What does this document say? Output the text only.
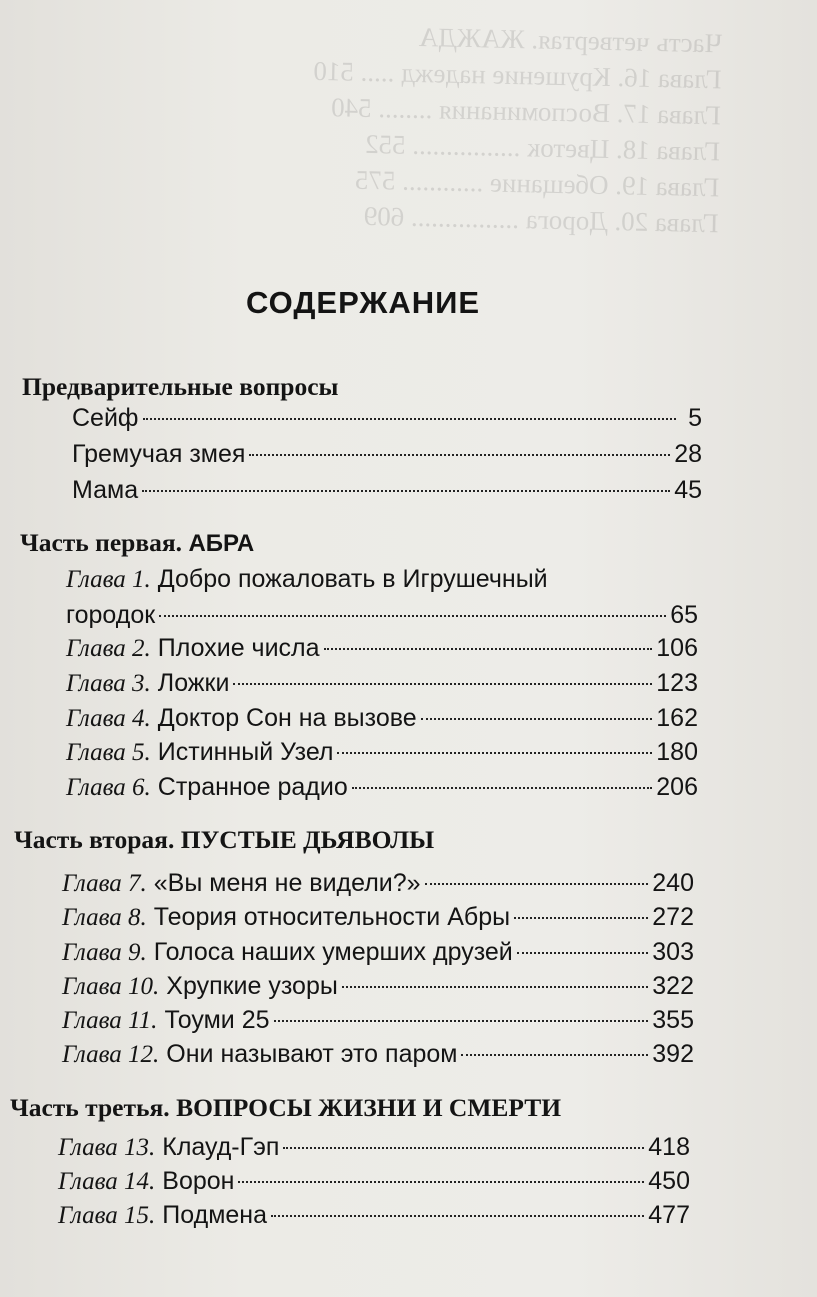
Часть четвертая. ЖАЖДА
Глава 16. Крушение надежд ..... 510
Глава 17. Воспоминания ........ 540
Глава 18. Цветок ................ 552
Глава 19. Обещание ............ 575
Глава 20. Дорога ................ 609
СОДЕРЖАНИЕ
Предварительные вопросы
Сейф	5
Гремучая змея	28
Мама	45
Часть первая. АБРА
Глава 1. Добро пожаловать в Игрушечный
городок	65
Глава 2. Плохие числа	106
Глава 3. Ложки	123
Глава 4. Доктор Сон на вызове	162
Глава 5. Истинный Узел	180
Глава 6. Странное радио	206
Часть вторая. ПУСТЫЕ ДЬЯВОЛЫ
Глава 7. «Вы меня не видели?»	240
Глава 8. Теория относительности Абры	272
Глава 9. Голоса наших умерших друзей	303
Глава 10. Хрупкие узоры	322
Глава 11. Тоуми 25	355
Глава 12. Они называют это паром	392
Часть третья. ВОПРОСЫ ЖИЗНИ И СМЕРТИ
Глава 13. Клауд-Гэп	418
Глава 14. Ворон	450
Глава 15. Подмена	477
